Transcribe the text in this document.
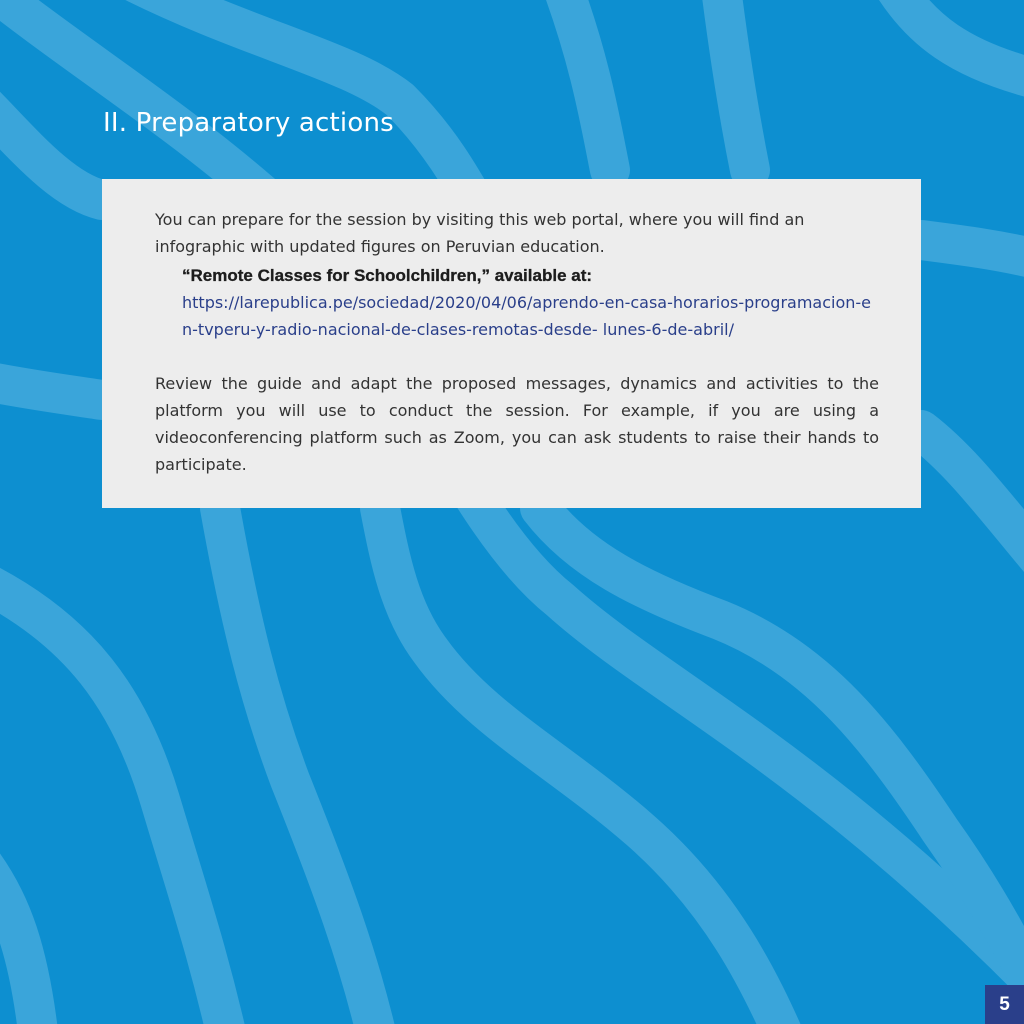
II. Preparatory actions

You can prepare for the session by visiting this web portal, where you will find an infographic with updated figures on Peruvian education.

“Remote Classes for Schoolchildren,” available at:
https://larepublica.pe/sociedad/2020/04/06/aprendo-en-casa-horarios-programacion-en-tvperu-y-radio-nacional-de-clases-remotas-desde- lunes-6-de-abril/

Review the guide and adapt the proposed messages, dynamics and activities to the platform you will use to conduct the session. For example, if you are using a videoconferencing platform such as Zoom, you can ask students to raise their hands to participate.

5
